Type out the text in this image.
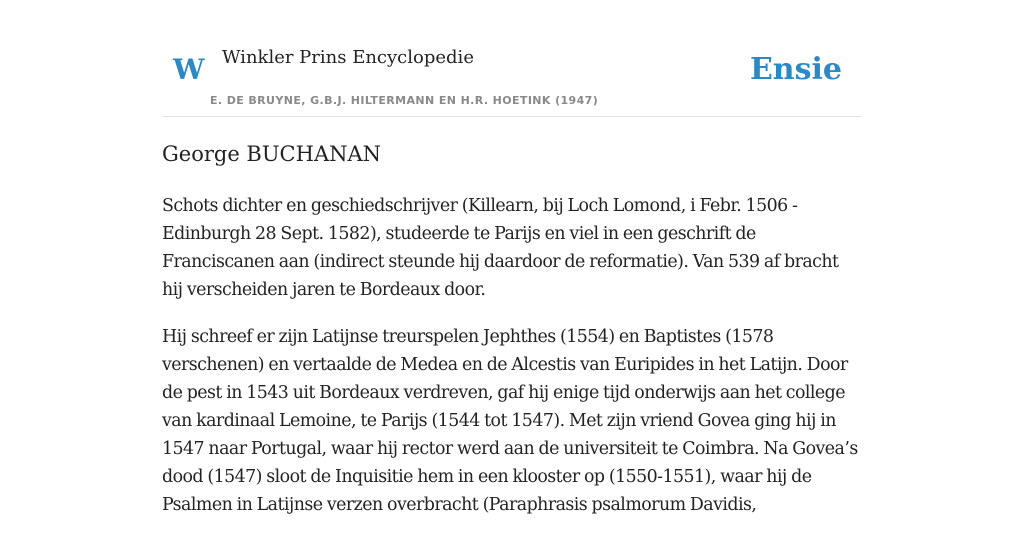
W Winkler Prins Encyclopedie
E. DE BRUYNE, G.B.J. HILTERMANN EN H.R. HOETINK (1947)
Ensie
George BUCHANAN

Schots dichter en geschiedschrijver (Killearn, bij Loch Lomond, i Febr. 1506 - Edinburgh 28 Sept. 1582), studeerde te Parijs en viel in een geschrift de Franciscanen aan (indirect steunde hij daardoor de reformatie). Van 539 af bracht hij verscheiden jaren te Bordeaux door.

Hij schreef er zijn Latijnse treurspelen Jephthes (1554) en Baptistes (1578 verschenen) en vertaalde de Medea en de Alcestis van Euripides in het Latijn. Door de pest in 1543 uit Bordeaux verdreven, gaf hij enige tijd onderwijs aan het college van kardinaal Lemoine, te Parijs (1544 tot 1547). Met zijn vriend Govea ging hij in 1547 naar Portugal, waar hij rector werd aan de universiteit te Coimbra. Na Govea’s dood (1547) sloot de Inquisitie hem in een klooster op (1550-1551), waar hij de Psalmen in Latijnse verzen overbracht (Paraphrasis psalmorum Davidis,
